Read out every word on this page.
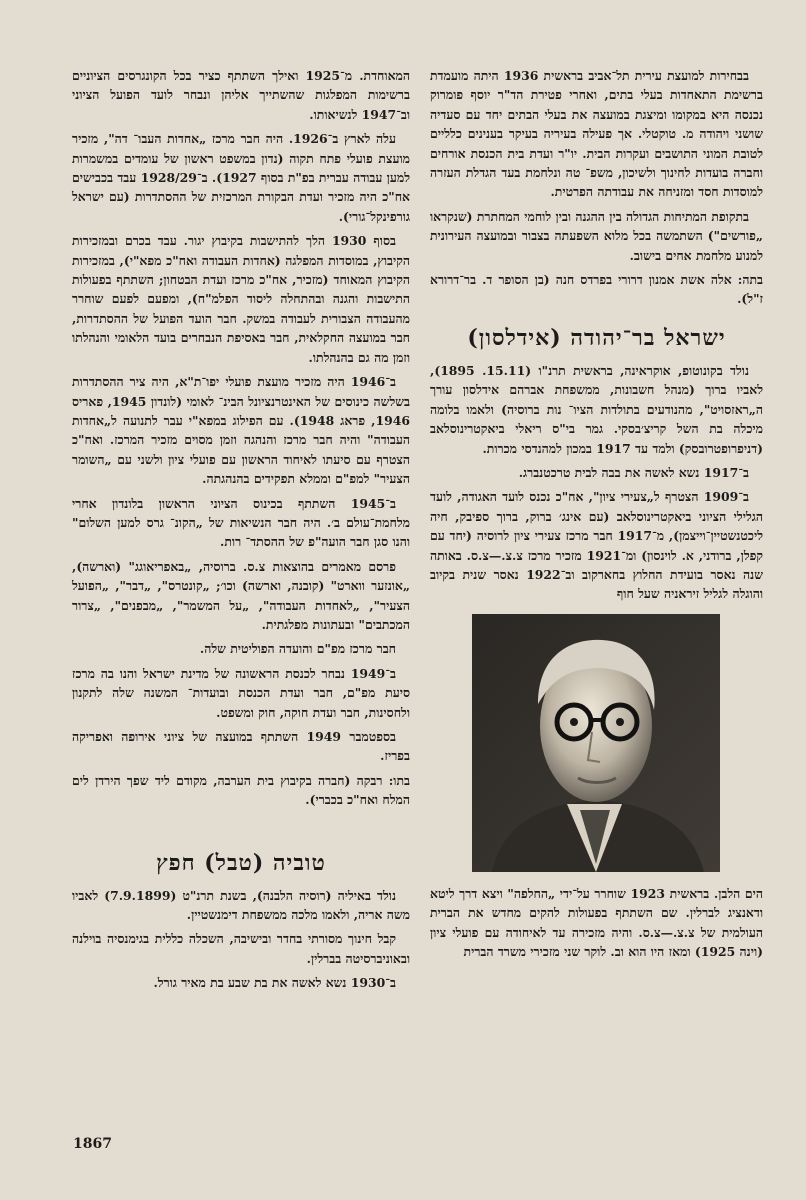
בבחירות למועצת עירית תל־אביב בראשית 1936 היתה מועמדת ברשימת התאחדות בעלי בתים, ואחרי פטירת הד"ר יוסף פומרוק נכנסה היא במקומו ומיצגת במועצה את בעלי הבתים יחד עם סעדיה שושני ויהודה מ. טוקטלי. אך פעילה בעיריה בעיקר בענינים כלליים לטובת המוני התושבים ועקרות הבית. יו"ר ועדת בית הכנסת אורחים וחברה בועדות לחינוך ולשיכון, משפ־ טה ונלחמת בעד הגדלת העזרה למוסדות חסד ומזניחה את עבודתה הפרטית.

בתקופת המתיחות הגדולה בין ההגנה ובין לוחמי המחתרת (שנקראו „פורשים") השתמשה בכל מלוא השפעתה בצבור ובמועצה העירונית למנוע מלחמת אחים בישוב.

בתה: אלה אשת אמנון דרורי בפרדס חנה (בן הסופר ד. בר־דרורא ז"ל).

ישראל בר־יהודה (אידלסון)

נולד בקונוטופ, אוקראינה, בראשית תרנ"ו (15.11. 1895), לאביו ברוך (מנהל חשבונות, ממשפחת אברהם אידלסון עורך ה„ראזסויט", מהנודעים בתולדות הציו־ נות ברוסיה) ולאמו בלומה מיכלה בת השל קריצ׳בסקי. גמר בי"ס ריאלי ביאקטרינוסלאב (דניפרופטרובסק) ולמד עד 1917 במכון למהנדסי מכרות.

ב־1917 נשא לאשה את בבה לבית טרכטנברג.

ב־1909 הצטרף ל„צעירי ציון", אח"כ נכנס לועד האגודה, לועד הגלילי הציוני ביאקטרינוסלאב (עם אינג׳ ברוק, ברוך ספיבק, חיה ליכטנשטיין־וייצמן), מ־1917 חבר מרכז צעירי ציון לרוסיה (יחד עם קפלן, ברודני, א. לוינסון) ומ־1921 מזכיר מרכז צ.צ.—צ.ס. באותה שנה נאסר בועידת החלוץ בחארקוב וב־1922 נאסר שנית בקיוב והוגלה לגליל זיראניה שעל חוף

הים הלבן. בראשית 1923 שוחרר על־ידי „החלפה" ויצא דרך ליטא ודאנציג לברלין. שם השתתף בפעולות להקים מחדש את הברית העולמית של צ.צ.—צ.ס. והיה מזכירה עד לאיחודה עם פועלי ציון (וינה 1925) ומאז היו הוא וב. לוקר שני מזכירי משרד הברית

המאוחדת. מ־1925 ואילך השתתף כציר בכל הקונגרסים הציוניים ברשימות המפלגות שהשתייך אליהן ונבחר לועד הפועל הציוני וב־1947 לנשיאותו.

עלה לארץ ב־1926. היה חבר מרכז „אחדות העבו־ דה", מזכיר מועצת פועלי פתח תקוה (נדון במשפט ראשון של עומדים במשמרות למען עבודה עברית בפ"ת בסוף 1927). ב־1928/29 עבד בכבישים אח"כ היה מזכיר ועדת הבקורת המרכזית של ההסתדרות (עם ישראל גורפינקל־גורי).

בסוף 1930 הלך להתישבות בקיבוץ יגור. עבד בכרם ובמזכירות הקיבוץ, במוסדות המפלגה (אחדות העבודה ואח"כ מפא"י), במזכירות הקיבוץ המאוחד (מזכיר, אח"כ מרכז ועדת הבטחון; השתתף בפעולות התישבות והגנה ובהתחלה ליסוד הפלמ"ח), ומפעם לפעם שוחרר מהעבודה הצבורית לעבודה במשק. חבר הועד הפועל של ההסתדרות, חבר במועצה החקלאית, חבר באסיפת הנבחרים בועד הלאומי והנהלתו וזמן מה גם בהנהלתו.

ב־1946 היה מזכיר מועצת פועלי יפו־ת"א, היה ציר ההסתדרות בשלשה כינוסים של האינטרנציונל הבינ־ לאומי (לונדון 1945, פאריס 1946, פראג 1948). עם הפילוג במפא"י עבר לתנועה ל„אחדות העבודה" והיה חבר מרכז והנהגה וזמן מסוים מזכיר המרכז. ואח"כ הצטרף עם סיעתו לאיחוד הראשון עם פועלי ציון ולשני עם „השומר הצעיר" למפ"ם וממלא תפקידים בהנהגתה.

ב־1945 השתתף בכינוס הציוני הראשון בלונדון אחרי מלחמת־עולם ב׳. היה חבר הנשיאות של „הקונ־ גרס למען השלום" והנו סגן חבר הועה"פ של ההסתד־ רות.

פרסם מאמרים בהוצאות צ.ס. ברוסיה, „באפריאוגג" (וארשה), „אונזער ווארט" (קובנה, וארשה) וכו׳; „קונטרס", „דבר", „הפועל הצעיר", „לאחדות העבודה", „על המשמר", „מבפנים", „צרור המכתבים" ובעתונות מפלגתית.

חבר מרכז מפ"ם והועדה הפוליטית שלה.

ב־1949 נבחר לכנסת הראשונה של מדינת ישראל והנו בה מרכז סיעת מפ"ם, חבר ועדת הכנסת ובועדות־ המשנה שלה לתקנון ולחסינות, חבר ועדת חוקה, חוק ומשפט.

בספטמבר 1949 השתתף במועצה של ציוני אירופה ואפריקה בפריז.

בתו: רבקה (חברה בקיבוץ בית הערבה, מקודם ליד שפך הירדן לים המלח ואח"כ בכברי).

טוביה (טבל) חפץ

נולד באיליה (רוסיה הלבנה), בשנת תרנ"ט (7.9.1899) לאביו משה אריה, ולאמו מלכה ממשפחת דימנשטיין.

קבל חינוך מסורתי בחדר ובישיבה, השכלה כללית בגימנסיה בוילנה ובאוניברסיטה בברלין.

ב־1930 נשא לאשה את בת שבע בת מאיר גורל.

1867
